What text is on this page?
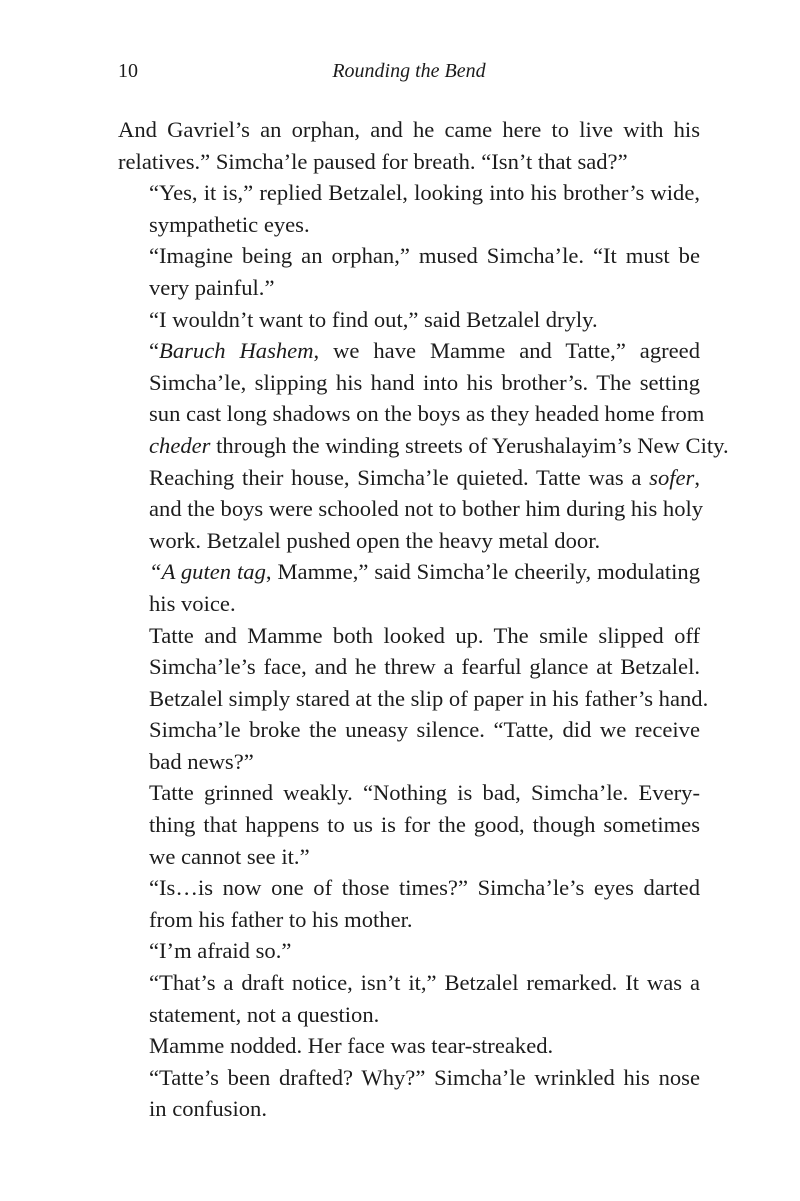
10	Rounding the Bend

And Gavriel’s an orphan, and he came here to live with his
relatives.” Simcha’le paused for breath. “Isn’t that sad?”

“Yes, it is,” replied Betzalel, looking into his brother’s wide,
sympathetic eyes.

“Imagine being an orphan,” mused Simcha’le. “It must be
very painful.”

“I wouldn’t want to find out,” said Betzalel dryly.

“Baruch Hashem, we have Mamme and Tatte,” agreed
Simcha’le, slipping his hand into his brother’s. The setting
sun cast long shadows on the boys as they headed home from
cheder through the winding streets of Yerushalayim’s New City.

Reaching their house, Simcha’le quieted. Tatte was a sofer,
and the boys were schooled not to bother him during his holy
work. Betzalel pushed open the heavy metal door.

“A guten tag, Mamme,” said Simcha’le cheerily, modulating
his voice.

Tatte and Mamme both looked up. The smile slipped off
Simcha’le’s face, and he threw a fearful glance at Betzalel.
Betzalel simply stared at the slip of paper in his father’s hand.

Simcha’le broke the uneasy silence. “Tatte, did we receive
bad news?”

Tatte grinned weakly. “Nothing is bad, Simcha’le. Every-
thing that happens to us is for the good, though sometimes
we cannot see it.”

“Is…is now one of those times?” Simcha’le’s eyes darted
from his father to his mother.

“I’m afraid so.”

“That’s a draft notice, isn’t it,” Betzalel remarked. It was a
statement, not a question.

Mamme nodded. Her face was tear-streaked.

“Tatte’s been drafted? Why?” Simcha’le wrinkled his nose
in confusion.
